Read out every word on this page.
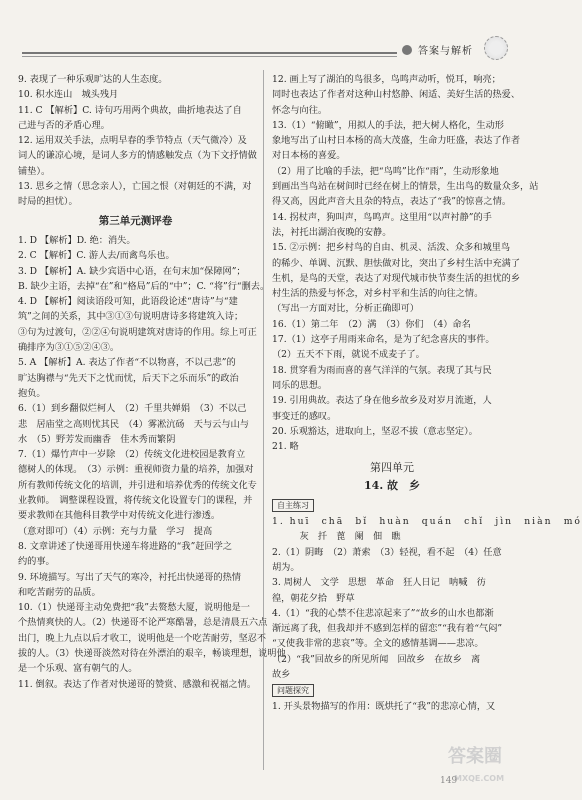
答案与解析
9. 表现了一种乐观旷达的人生态度。
10. 积水连山　城头残月
11. C 【解析】C. 诗句巧用两个典故，曲折地表达了自
己进与否的矛盾心理。
12. 运用双关手法，点明早春的季节特点（天气微冷）及
词人的谦凉心境，是词人多方的情感触发点（为下文抒情做
铺垫）。
13. 思乡之情（思念亲人），亡国之恨（对朝廷的不满，对
时局的担忧）。
第三单元测评卷
1. D 【解析】D. 绝：消失。
2. C 【解析】C. 游人去/而禽鸟乐也。
3. D 【解析】A. 缺少宾语中心语，在句末加“保障网”；
B. 缺少主语，去掉“在”和“格局”后的“中”；C. “将”行“删去。
4. D 【解析】阅读语段可知，此语段论述“唐诗”与“建
筑”之间的关系，其中③①③句说明唐诗多将建筑入诗；
③句为过渡句，②②④句说明建筑对唐诗的作用。综上可正
确排序为③①⑤②④③。
5. A 【解析】A. 表达了作者“不以物喜，不以己悲”的
旷达胸襟与“先天下之忧而忧，后天下之乐而乐”的政治
抱负。
6.（1）到乡翻似烂柯人　（2）千里共婵娟　（3）不以己
悲　居庙堂之高则忧其民　（4）雾凇沆砀　天与云与山与
水　（5）野芳发而幽香　佳木秀而繁阴
7.（1）爆竹声中一岁除　（2）传统文化进校园是教育立
德树人的体现。　（3）示例：重视师资力量的培养，加强对
所有教师传统文化的培训，并引进和培养优秀的传统文化专
业教师。　调整课程设置，将传统文化设置专门的课程，并
要求教师在其他科目教学中对传统文化进行渗透。
（意对即可）（4）示例：充与力量　学习　提高
8. 文章讲述了快递哥用快递车将进路的“我”赶回学之
约的事。
9. 环境描写。写出了天气的寒冷，衬托出快递哥的热情
和吃苦耐劳的品质。
10.（1）快递哥主动免费把“我”去赘愁大厦，说明他是一
个热情爽快的人。（2）快递哥不论严寒酷暑，总是清晨五六点
出门，晚上九点以后才收工，说明他是一个吃苦耐劳，坚忍不
拔的人。（3）快递哥淡然对待在外漂泊的艰辛，畅谈理想，说明他
是一个乐观、富有朝气的人。
11. 倒叙。表达了作者对快递哥的赞赏、感激和祝福之情。
12. 画上写了湖泊的鸟很多，鸟鸣声动听，悦耳，响亮；
同时也表达了作者对这种山村悠静、闲适、美好生活的热爱、
怀念与向往。
13.（1）“俯瞰”，用拟人的手法，把大树人格化，生动形
象地写出了山村日本杨的高大茂盛，生命力旺盛，表达了作者
对日本杨的喜爱。
（2）用了比喻的手法，把“鸟鸣”比作“雨”，生动形象地
到画出当鸟站在树间时已经在树上的情景，生出鸟的数量众多，站
得又高，因此声音大且杂的特点，表达了“我”的惊喜之情。
14. 拐杖声，狗叫声，鸟鸣声。这里用“以声衬静”的手
法，衬托出湖泊夜晚的安静。
15. ②示例：把乡村鸟的自由、机灵、活泼、众多和城里鸟
的稀少、单调、沉默、胆怯做对比，突出了乡村生活中充满了
生机，是鸟的天堂，表达了对现代城市快节奏生活的担忧的乡
村生活的热爱与怀念，对乡村平和生活的向往之情。
（写出一方面对比，分析正确即可）
16.（1）第二年　（2）满　（3）你们　（4）命名
17.（1）这亭子用雨来命名，是为了纪念喜庆的事件。
（2）五天不下雨，就说不成麦子了。
18. 贯穿看为雨而喜的喜气洋洋的气氛。表现了其与民
同乐的思想。
19. 引用典故。表达了身在他乡故乡及对岁月流逝，人
事变迁的感叹。
20. 乐观豁达，进取向上，坚忍不拔（意志坚定）。
21. 略
第四单元
14. 故　乡
自主练习
1. huī　chā　bǐ　huàn　quán　chǐ　jìn　niàn　mó
　　　灰　扦　蓖　阑　佃　瞧
2.（1）阴晦　（2）萧索　（3）轻视，看不起　（4）任意
胡为。
3. 周树人　文学　思想　革命　狂人日记　呐喊　彷
徨，朝花夕拾　野草
4.（1）“我的心禁不住悲凉起来了”“故乡的山水也都渐
渐远离了我，但我却并不感到怎样的留恋”“我有着“气闷”
“又使我非常的悲哀”等。全文的感情基调——悲凉。
（2）“我”回故乡的所见所闻　回故乡　在故乡　离
故乡
问题探究
1. 开头景物描写的作用：既烘托了“我”的悲凉心情，又
答案圈
MXQE.COM
149
